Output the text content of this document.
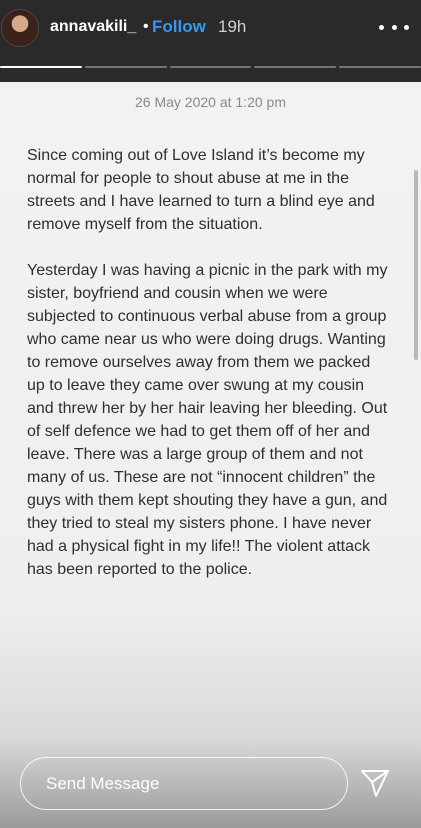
annavakili_ • Follow 19h
26 May 2020 at 1:20 pm

Since coming out of Love Island it’s become my normal for people to shout abuse at me in the streets and I have learned to turn a blind eye and remove myself from the situation.

Yesterday I was having a picnic in the park with my sister, boyfriend and cousin when we were subjected to continuous verbal abuse from a group who came near us who were doing drugs. Wanting to remove ourselves away from them we packed up to leave they came over swung at my cousin and threw her by her hair leaving her bleeding. Out of self defence we had to get them off of her and leave. There was a large group of them and not many of us. These are not “innocent children” the guys with them kept shouting they have a gun, and they tried to steal my sisters phone. I have never had a physical fight in my life!! The violent attack has been reported to the police.

Send Message
